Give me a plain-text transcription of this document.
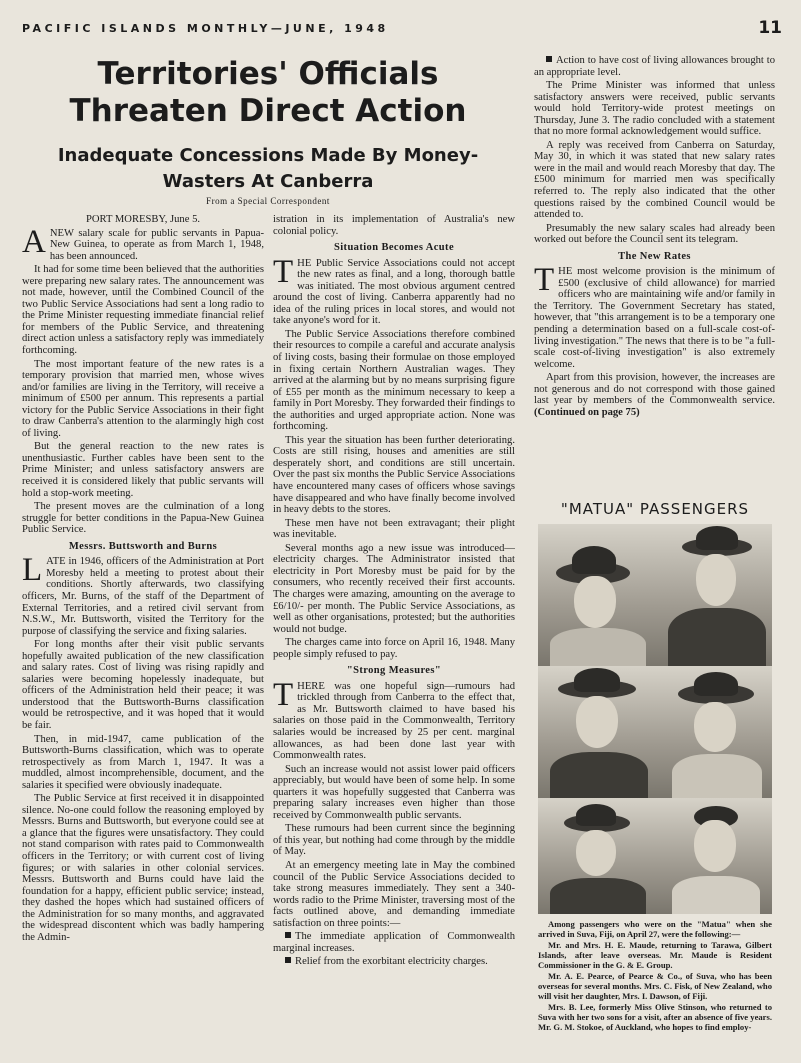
PACIFIC ISLANDS MONTHLY—JUNE, 1948	11
Territories' Officials Threaten Direct Action
Inadequate Concessions Made By Money-Wasters At Canberra
From a Special Correspondent

PORT MORESBY, June 5.

ANEW salary scale for public servants in Papua-New Guinea, to operate as from March 1, 1948, has been announced.

It had for some time been believed that the authorities were preparing new salary rates. The announcement was not made, however, until the Combined Council of the two Public Service Associations had sent a long radio to the Prime Minister requesting immediate financial relief for members of the Public Service, and threatening direct action unless a satisfactory reply was immediately forthcoming.

The most important feature of the new rates is a temporary provision that married men, whose wives and/or families are living in the Territory, will receive a minimum of £500 per annum. This represents a partial victory for the Public Service Associations in their fight to draw Canberra's attention to the alarmingly high cost of living.

But the general reaction to the new rates is unenthusiastic. Further cables have been sent to the Prime Minister; and unless satisfactory answers are received it is considered likely that public servants will hold a stop-work meeting.

The present moves are the culmination of a long struggle for better conditions in the Papua-New Guinea Public Service.

Messrs. Buttsworth and Burns

LATE in 1946, officers of the Administration at Port Moresby held a meeting to protest about their conditions. Shortly afterwards, two classifying officers, Mr. Burns, of the staff of the Department of External Territories, and a retired civil servant from N.S.W., Mr. Buttsworth, visited the Territory for the purpose of classifying the service and fixing salaries.

For long months after their visit public servants hopefully awaited publication of the new classification and salary rates. Cost of living was rising rapidly and salaries were becoming hopelessly inadequate, but officers of the Administration held their peace; it was understood that the Buttsworth-Burns classification would be retrospective, and it was hoped that it would be fair.

Then, in mid-1947, came publication of the Buttsworth-Burns classification, which was to operate retrospectively as from March 1, 1947. It was a muddled, almost incomprehensible, document, and the salaries it specified were obviously inadequate.

The Public Service at first received it in disappointed silence. No-one could follow the reasoning employed by Messrs. Burns and Buttsworth, but everyone could see at a glance that the figures were unsatisfactory. They could not stand comparison with rates paid to Commonwealth officers in the Territory; or with current cost of living figures; or with salaries in other colonial services. Messrs. Buttsworth and Burns could have laid the foundation for a happy, efficient public service; instead, they dashed the hopes which had sustained officers of the Administration for so many months, and aggravated the widespread discontent which was badly hampering the Admin-

istration in its implementation of Australia's new colonial policy.

Situation Becomes Acute

THE Public Service Associations could not accept the new rates as final, and a long, thorough battle was initiated. The most obvious argument centred around the cost of living. Canberra apparently had no idea of the ruling prices in local stores, and would not take anyone's word for it.

The Public Service Associations therefore combined their resources to compile a careful and accurate analysis of living costs, basing their formulae on those employed in fixing certain Northern Australian wages. They arrived at the alarming but by no means surprising figure of £55 per month as the minimum necessary to keep a family in Port Moresby. They forwarded their findings to the authorities and urged appropriate action. None was forthcoming.

This year the situation has been further deteriorating. Costs are still rising, houses and amenities are still desperately short, and conditions are still uncertain. Over the past six months the Public Service Associations have encountered many cases of officers whose savings have disappeared and who have finally become involved in heavy debts to the stores.

These men have not been extravagant; their plight was inevitable.

Several months ago a new issue was introduced—electricity charges. The Administrator insisted that electricity in Port Moresby must be paid for by the consumers, who recently received their first accounts. The charges were amazing, amounting on the average to £6/10/- per month. The Public Service Associations, as well as other organisations, protested; but the authorities would not budge.

The charges came into force on April 16, 1948. Many people simply refused to pay.

"Strong Measures"

THERE was one hopeful sign—rumours had trickled through from Canberra to the effect that, as Mr. Buttsworth claimed to have based his salaries on those paid in the Commonwealth, Territory salaries would be increased by 25 per cent. marginal allowances, as had been done last year with Commonwealth rates.

Such an increase would not assist lower paid officers appreciably, but would have been of some help. In some quarters it was hopefully suggested that Canberra was preparing salary increases even higher than those received by Commonwealth public servants.

These rumours had been current since the beginning of this year, but nothing had come through by the middle of May.

At an emergency meeting late in May the combined council of the Public Service Associations decided to take strong measures immediately. They sent a 340-words radio to the Prime Minister, traversing most of the facts outlined above, and demanding immediate satisfaction on three points:—

The immediate application of Commonwealth marginal increases.

Relief from the exorbitant electricity charges.

Action to have cost of living allowances brought to an appropriate level.

The Prime Minister was informed that unless satisfactory answers were received, public servants would hold Territory-wide protest meetings on Thursday, June 3. The radio concluded with a statement that no more formal acknowledgement would suffice.

A reply was received from Canberra on Saturday, May 30, in which it was stated that new salary rates were in the mail and would reach Moresby that day. The £500 minimum for married men was specifically referred to. The reply also indicated that the other questions raised by the combined Council would be attended to.

Presumably the new salary scales had already been worked out before the Council sent its telegram.

The New Rates

THE most welcome provision is the minimum of £500 (exclusive of child allowance) for married officers who are maintaining wife and/or family in the Territory. The Government Secretary has stated, however, that "this arrangement is to be a temporary one pending a determination based on a full-scale cost-of-living investigation." The news that there is to be "a full-scale cost-of-living investigation" is also extremely welcome.

Apart from this provision, however, the increases are not generous and do not correspond with those gained last year by members of the Commonwealth service. (Continued on page 75)

"MATUA" PASSENGERS

Among passengers who were on the "Matua" when she arrived in Suva, Fiji, on April 27, were the following:—

Mr. and Mrs. H. E. Maude, returning to Tarawa, Gilbert Islands, after leave overseas. Mr. Maude is Resident Commissioner in the G. & E. Group.

Mr. A. E. Pearce, of Pearce & Co., of Suva, who has been overseas for several months. Mrs. C. Fisk, of New Zealand, who will visit her daughter, Mrs. I. Dawson, of Fiji.

Mrs. B. Lee, formerly Miss Olive Stinson, who returned to Suva with her two sons for a visit, after an absence of five years. Mr. G. M. Stokoe, of Auckland, who hopes to find employ-
